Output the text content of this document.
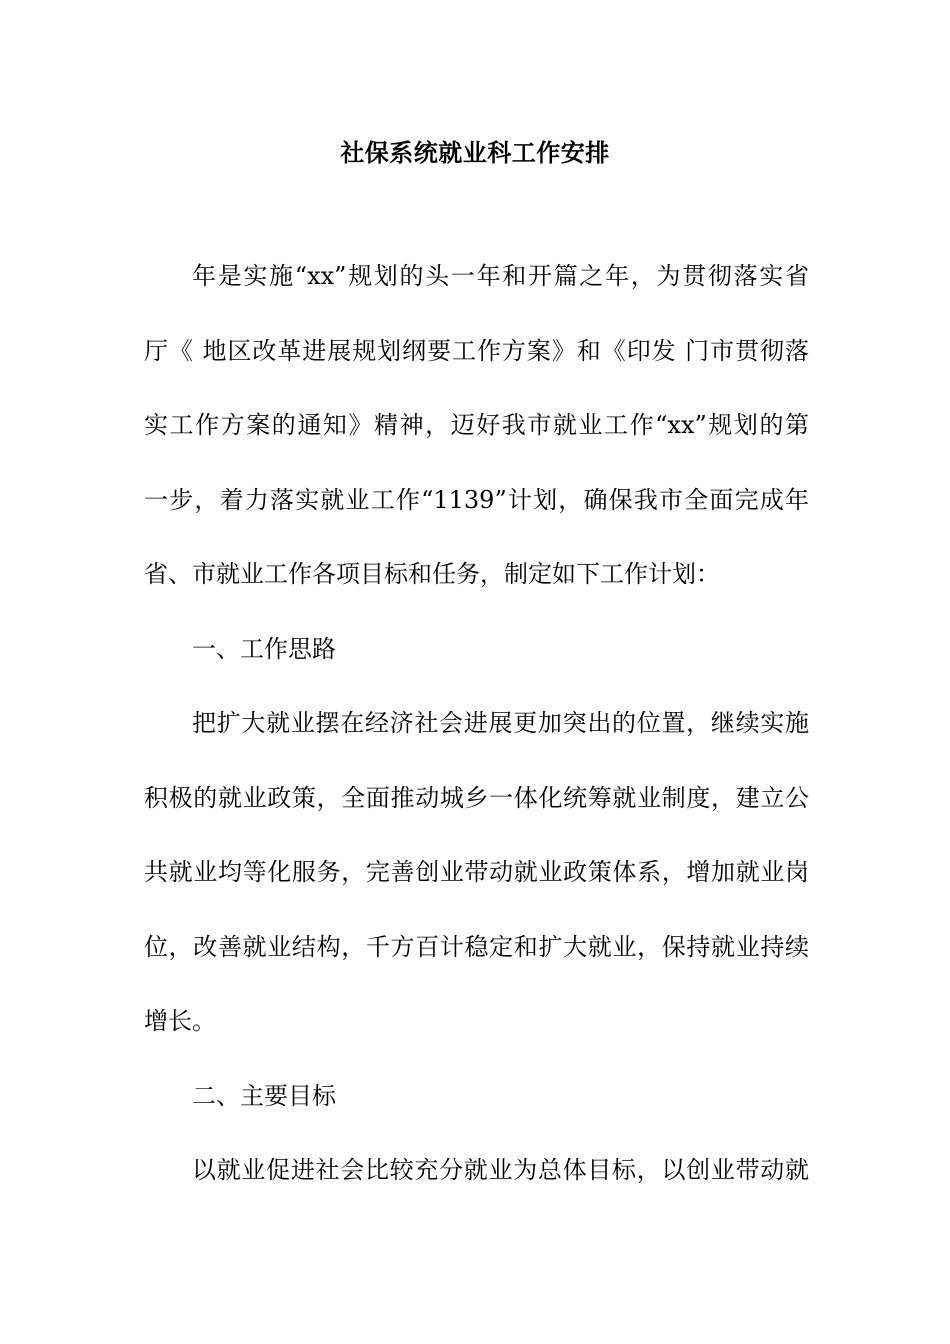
社保系统就业科工作安排
年是实施“xx”规划的头一年和开篇之年，为贯彻落实省
厅《 地区改革进展规划纲要工作方案》和《印发 门市贯彻落
实工作方案的通知》精神，迈好我市就业工作“xx”规划的第
一步，着力落实就业工作“1139”计划，确保我市全面完成年
省、市就业工作各项目标和任务，制定如下工作计划：
一、工作思路
把扩大就业摆在经济社会进展更加突出的位置，继续实施
积极的就业政策，全面推动城乡一体化统筹就业制度，建立公
共就业均等化服务，完善创业带动就业政策体系，增加就业岗
位，改善就业结构，千方百计稳定和扩大就业，保持就业持续
增长。
二、主要目标
以就业促进社会比较充分就业为总体目标，以创业带动就
